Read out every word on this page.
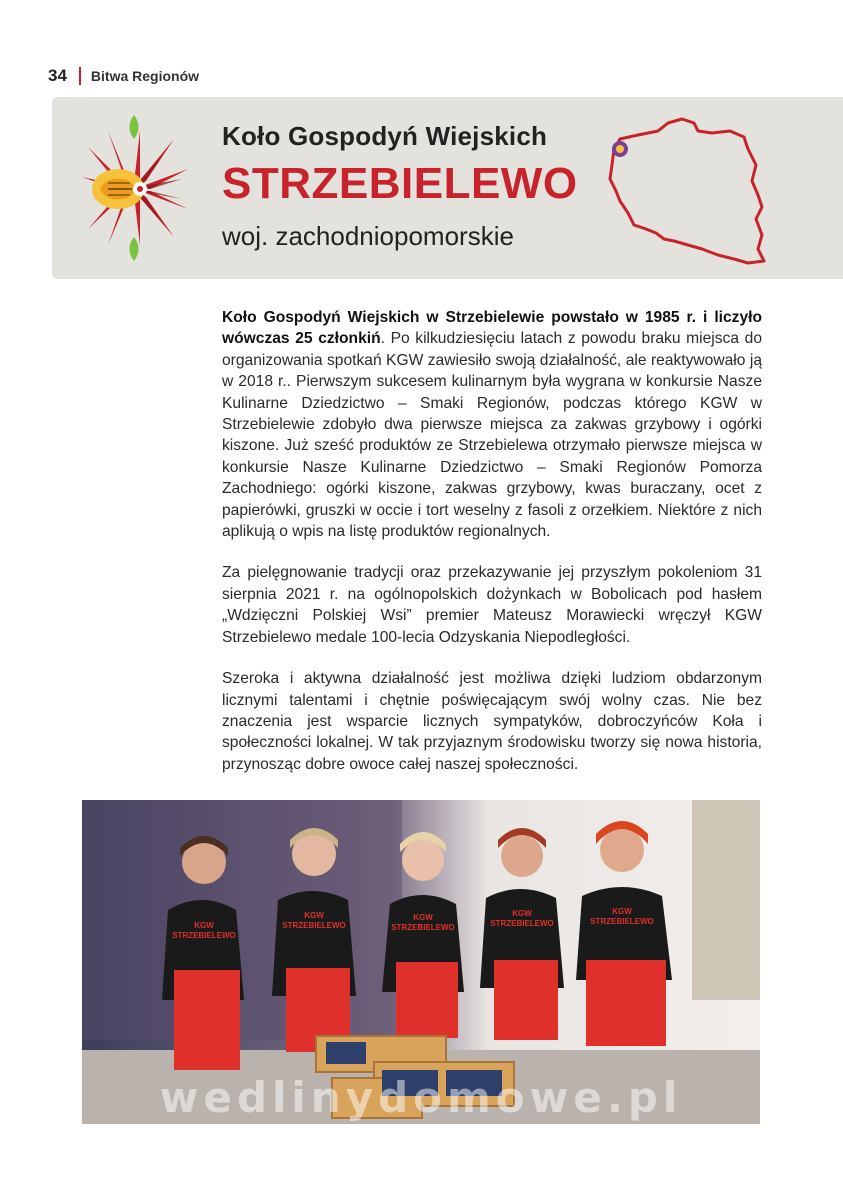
34 Bitwa Regionów
Koło Gospodyń Wiejskich
STRZEBIELEWO
woj. zachodniopomorskie

Koło Gospodyń Wiejskich w Strzebielewie powstało w 1985 r. i liczyło wówczas 25 członkiń. Po kilkudziesięciu latach z powodu braku miejsca do organizowania spotkań KGW zawiesiło swoją działalność, ale reaktywowało ją w 2018 r.. Pierwszym sukcesem kulinarnym była wygrana w konkursie Nasze Kulinarne Dziedzictwo – Smaki Regionów, podczas którego KGW w Strzebielewie zdobyło dwa pierwsze miejsca za zakwas grzybowy i ogórki kiszone. Już sześć produktów ze Strzebielewa otrzymało pierwsze miejsca w konkursie Nasze Kulinarne Dziedzictwo – Smaki Regionów Pomorza Zachodniego: ogórki kiszone, zakwas grzybowy, kwas buraczany, ocet z papierówki, gruszki w occie i tort weselny z fasoli z orzełkiem. Niektóre z nich aplikują o wpis na listę produktów regionalnych.

Za pielęgnowanie tradycji oraz przekazywanie jej przyszłym pokoleniom 31 sierpnia 2021 r. na ogólnopolskich dożynkach w Bobolicach pod hasłem „Wdzięczni Polskiej Wsi” premier Mateusz Morawiecki wręczył KGW Strzebielewo medale 100-lecia Odzyskania Niepodległości.

Szeroka i aktywna działalność jest możliwa dzięki ludziom obdarzonym licznymi talentami i chętnie poświęcającym swój wolny czas. Nie bez znaczenia jest wsparcie licznych sympatyków, dobroczyńców Koła i społeczności lokalnej. W tak przyjaznym środowisku tworzy się nowa historia, przynosząc dobre owoce całej naszej społeczności.

KGW
STRZEBIELEWO
KGW
STRZEBIELEWO
KGW
STRZEBIELEWO
KGW
STRZEBIELEWO
KGW
STRZEBIELEWO
wedlinydomowe.pl
